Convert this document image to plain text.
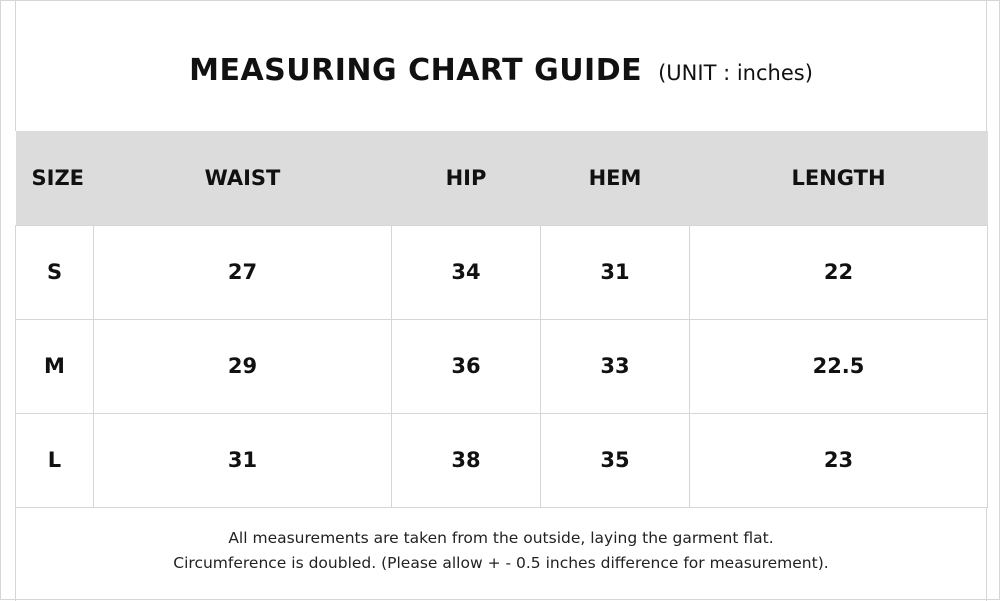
MEASURING CHART GUIDE (UNIT : inches)
SIZE	WAIST	HIP	HEM	LENGTH
S	27	34	31	22
M	29	36	33	22.5
L	31	38	35	23
All measurements are taken from the outside, laying the garment flat.
Circumference is doubled. (Please allow + - 0.5 inches difference for measurement).
